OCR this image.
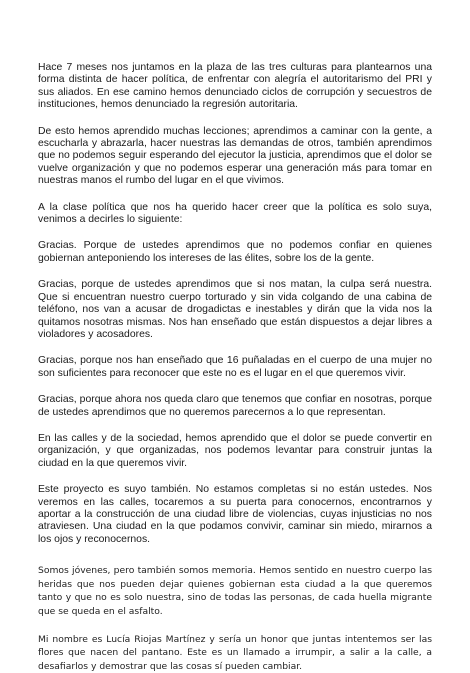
Hace 7 meses nos juntamos en la plaza de las tres culturas para plantearnos una forma distinta de hacer política, de enfrentar con alegría el autoritarismo del PRI y sus aliados. En ese camino hemos denunciado ciclos de corrupción y secuestros de instituciones, hemos denunciado la regresión autoritaria.

De esto hemos aprendido muchas lecciones; aprendimos a caminar con la gente, a escucharla y abrazarla, hacer nuestras las demandas de otros, también aprendimos que no podemos seguir esperando del ejecutor la justicia, aprendimos que el dolor se vuelve organización y que no podemos esperar una generación más para tomar en nuestras manos el rumbo del lugar en el que vivimos.

A la clase política que nos ha querido hacer creer que la política es solo suya, venimos a decirles lo siguiente:

Gracias. Porque de ustedes aprendimos que no podemos confiar en quienes gobiernan anteponiendo los intereses de las élites, sobre los de la gente.

Gracias, porque de ustedes aprendimos que si nos matan, la culpa será nuestra. Que si encuentran nuestro cuerpo torturado y sin vida colgando de una cabina de teléfono, nos van a acusar de drogadictas e inestables y dirán que la vida nos la quitamos nosotras mismas. Nos han enseñado que están dispuestos a dejar libres a violadores y acosadores.

Gracias, porque nos han enseñado que 16 puñaladas en el cuerpo de una mujer no son suficientes para reconocer que este no es el lugar en el que queremos vivir.

Gracias, porque ahora nos queda claro que tenemos que confiar en nosotras, porque de ustedes aprendimos que no queremos parecernos a lo que representan.

En las calles y de la sociedad, hemos aprendido que el dolor se puede convertir en organización, y que organizadas, nos podemos levantar para construir juntas la ciudad en la que queremos vivir.

Este proyecto es suyo también. No estamos completas si no están ustedes. Nos veremos en las calles, tocaremos a su puerta para conocernos, encontrarnos y aportar a la construcción de una ciudad libre de violencias, cuyas injusticias no nos atraviesen. Una ciudad en la que podamos convivir, caminar sin miedo, mirarnos a los ojos y reconocernos.

Somos jóvenes, pero también somos memoria. Hemos sentido en nuestro cuerpo las heridas que nos pueden dejar quienes gobiernan esta ciudad a la que queremos tanto y que no es solo nuestra, sino de todas las personas, de cada huella migrante que se queda en el asfalto.

Mi nombre es Lucía Riojas Martínez y sería un honor que juntas intentemos ser las flores que nacen del pantano. Este es un llamado a irrumpir, a salir a la calle, a desafiarlos y demostrar que las cosas sí pueden cambiar.
